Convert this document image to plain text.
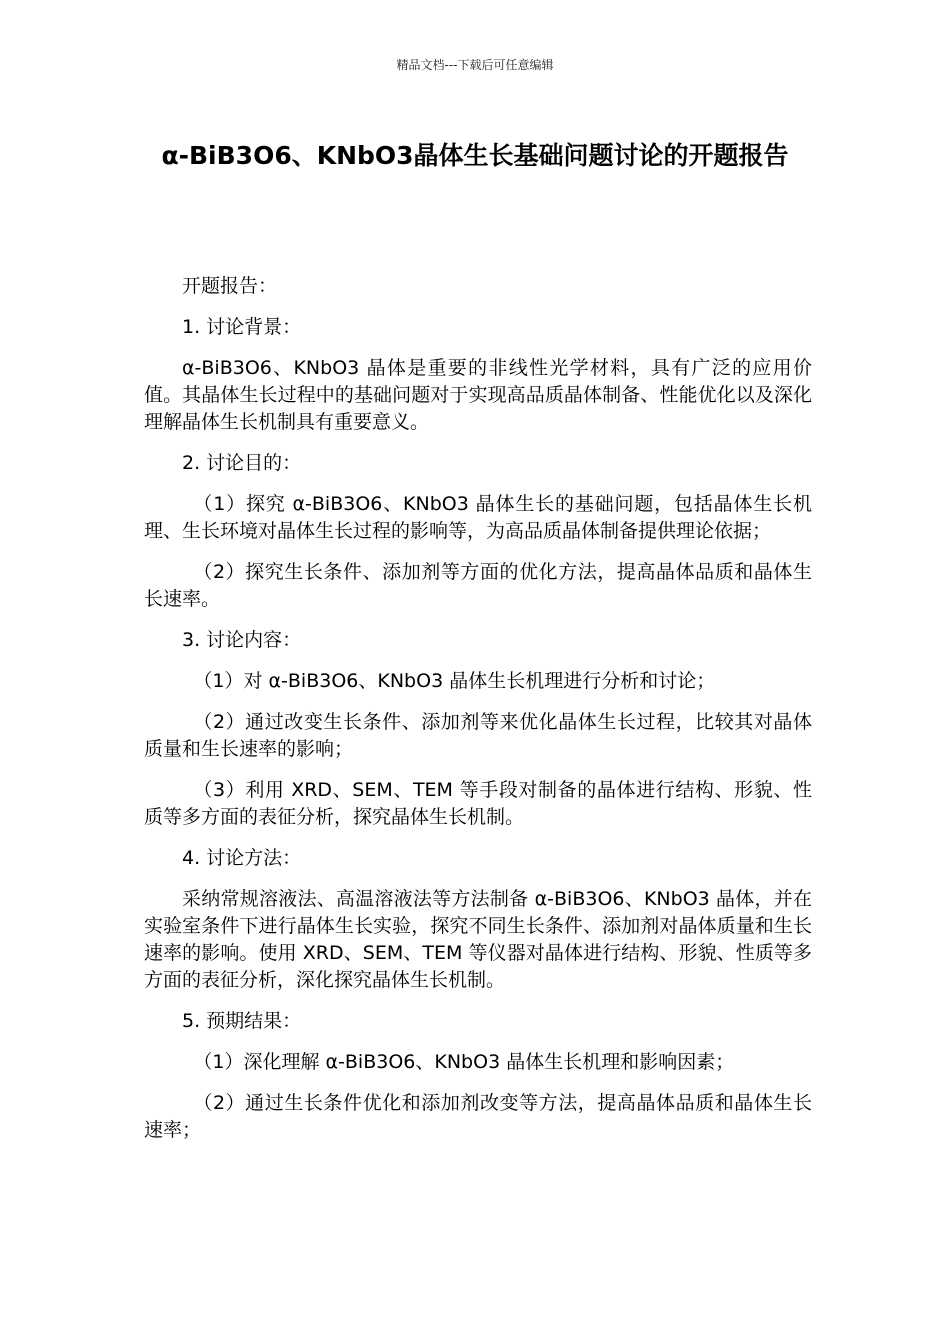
精品文档---下载后可任意编辑
α-BiB3O6、KNbO3晶体生长基础问题讨论的开题报告

开题报告：

1. 讨论背景：

α-BiB3O6、KNbO3 晶体是重要的非线性光学材料，具有广泛的应用价值。其晶体生长过程中的基础问题对于实现高品质晶体制备、性能优化以及深化理解晶体生长机制具有重要意义。

2. 讨论目的：

（1）探究 α-BiB3O6、KNbO3 晶体生长的基础问题，包括晶体生长机理、生长环境对晶体生长过程的影响等，为高品质晶体制备提供理论依据；

（2）探究生长条件、添加剂等方面的优化方法，提高晶体品质和晶体生长速率。

3. 讨论内容：

（1）对 α-BiB3O6、KNbO3 晶体生长机理进行分析和讨论；

（2）通过改变生长条件、添加剂等来优化晶体生长过程，比较其对晶体质量和生长速率的影响；

（3）利用 XRD、SEM、TEM 等手段对制备的晶体进行结构、形貌、性质等多方面的表征分析，探究晶体生长机制。

4. 讨论方法：

采纳常规溶液法、高温溶液法等方法制备 α-BiB3O6、KNbO3 晶体，并在实验室条件下进行晶体生长实验，探究不同生长条件、添加剂对晶体质量和生长速率的影响。使用 XRD、SEM、TEM 等仪器对晶体进行结构、形貌、性质等多方面的表征分析，深化探究晶体生长机制。

5. 预期结果：

（1）深化理解 α-BiB3O6、KNbO3 晶体生长机理和影响因素；

（2）通过生长条件优化和添加剂改变等方法，提高晶体品质和晶体生长速率；
